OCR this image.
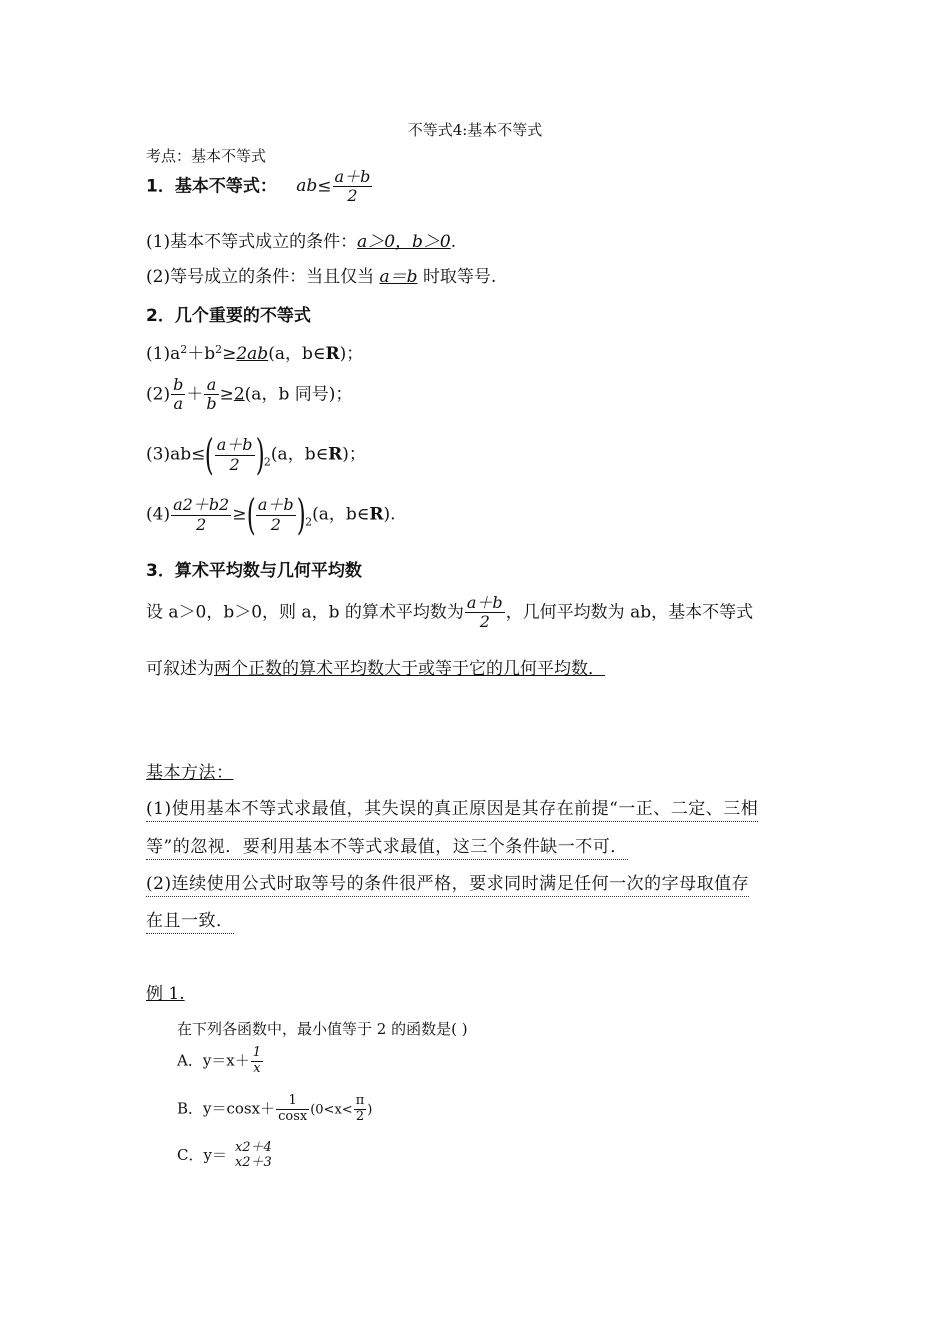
不等式4:基本不等式
考点：基本不等式
1．基本不等式： $ab\le \frac{a+b}{2}$
(1)基本不等式成立的条件：a＞0，b＞0.
(2)等号成立的条件：当且仅当 a＝b 时取等号.
2．几个重要的不等式
$(1)a^2+b^2\ge 2ab(a$，b∈R)；
$(2) \frac{b}{a} + \frac{a}{b} \ge 2(a$，b 同号)；
$(3)ab\le( \frac{a+b}{2} )_2(a$，b∈R)；
$(4) \frac{a2+b2}{2}$ ≥( $\frac{a+b}{2} )_2(a$，b∈R).
3．算术平均数与几何平均数
设 a＞0，b＞0，则 a，b 的算术平均数为 $\frac{a+b}{2}$ ，几何平均数为 ab，基本不等式
可叙述为两个正数的算术平均数大于或等于它的几何平均数．
基本方法：
(1)使用基本不等式求最值，其失误的真正原因是其存在前提“一正、二定、三相
等”的忽视．要利用基本不等式求最值，这三个条件缺一不可．
(2)连续使用公式时取等号的条件很严格，要求同时满足任何一次的字母取值存
在且一致．
例 1.
在下列各函数中，最小值等于 2 的函数是( )
A．$y=x+ \frac{1}{x}$
B．$y=\cos x+ \frac{1}{\cos x} (0<x< \frac{\pi}{2}$ )
C．y＝ x2＋4
x2＋3
